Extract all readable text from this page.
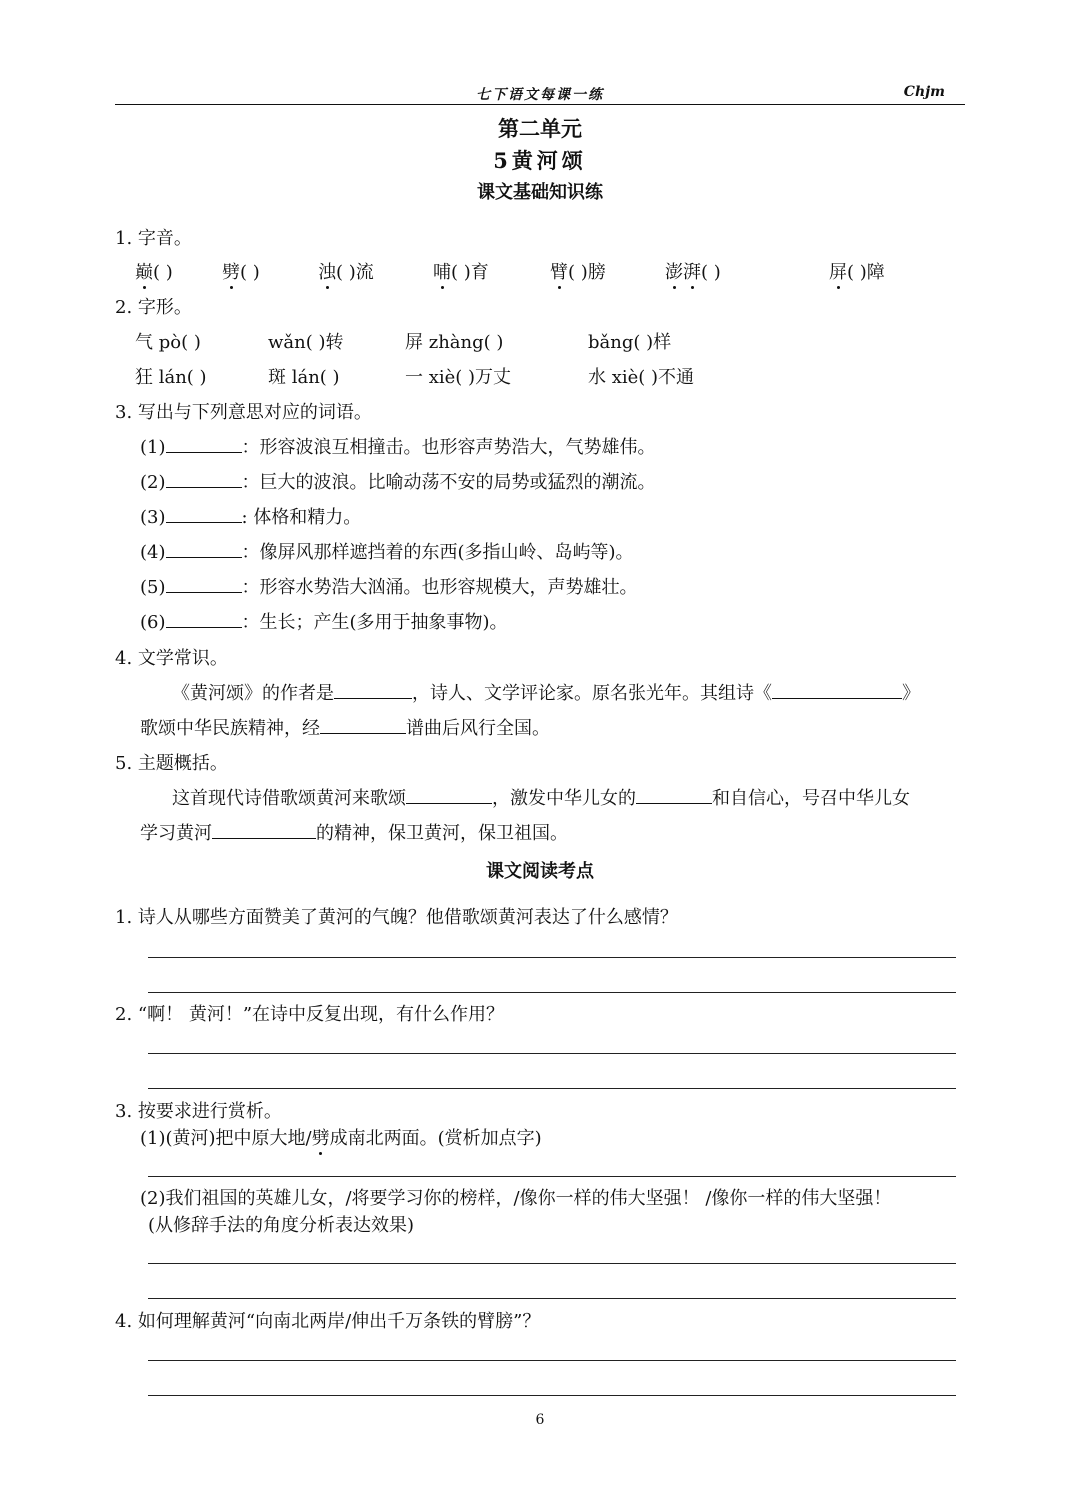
七下语文每课一练	Chjm
第二单元
5黄河颂
课文基础知识练
1. 字音。
巅( )	劈( )	浊( )流	哺( )育	臂( )膀	澎湃( )	屏( )障
2. 字形。
气 pò( )	wǎn( )转	屏 zhàng( )	bǎng( )样
狂 lán( )	斑 lán( )	一 xiè( )万丈	水 xiè( )不通
3. 写出与下列意思对应的词语。
(1)	：形容波浪互相撞击。也形容声势浩大，气势雄伟。
(2)	：巨大的波浪。比喻动荡不安的局势或猛烈的潮流。
(3)	: 体格和精力。
(4)	：像屏风那样遮挡着的东西(多指山岭、岛屿等)。
(5)	：形容水势浩大汹涌。也形容规模大，声势雄壮。
(6)	：生长；产生(多用于抽象事物)。
4. 文学常识。
《黄河颂》的作者是	，诗人、文学评论家。原名张光年。其组诗《	》
歌颂中华民族精神，经	谱曲后风行全国。
5. 主题概括。
这首现代诗借歌颂黄河来歌颂	，激发中华儿女的	和自信心，号召中华儿女
学习黄河	的精神，保卫黄河，保卫祖国。
课文阅读考点
1. 诗人从哪些方面赞美了黄河的气魄？他借歌颂黄河表达了什么感情？
2. “啊！ 黄河！”在诗中反复出现，有什么作用？
3. 按要求进行赏析。
(1)(黄河)把中原大地/劈成南北两面。(赏析加点字)
(2)我们祖国的英雄儿女，/将要学习你的榜样，/像你一样的伟大坚强！ /像你一样的伟大坚强！
(从修辞手法的角度分析表达效果)
4. 如何理解黄河“向南北两岸/伸出千万条铁的臂膀”？
6
